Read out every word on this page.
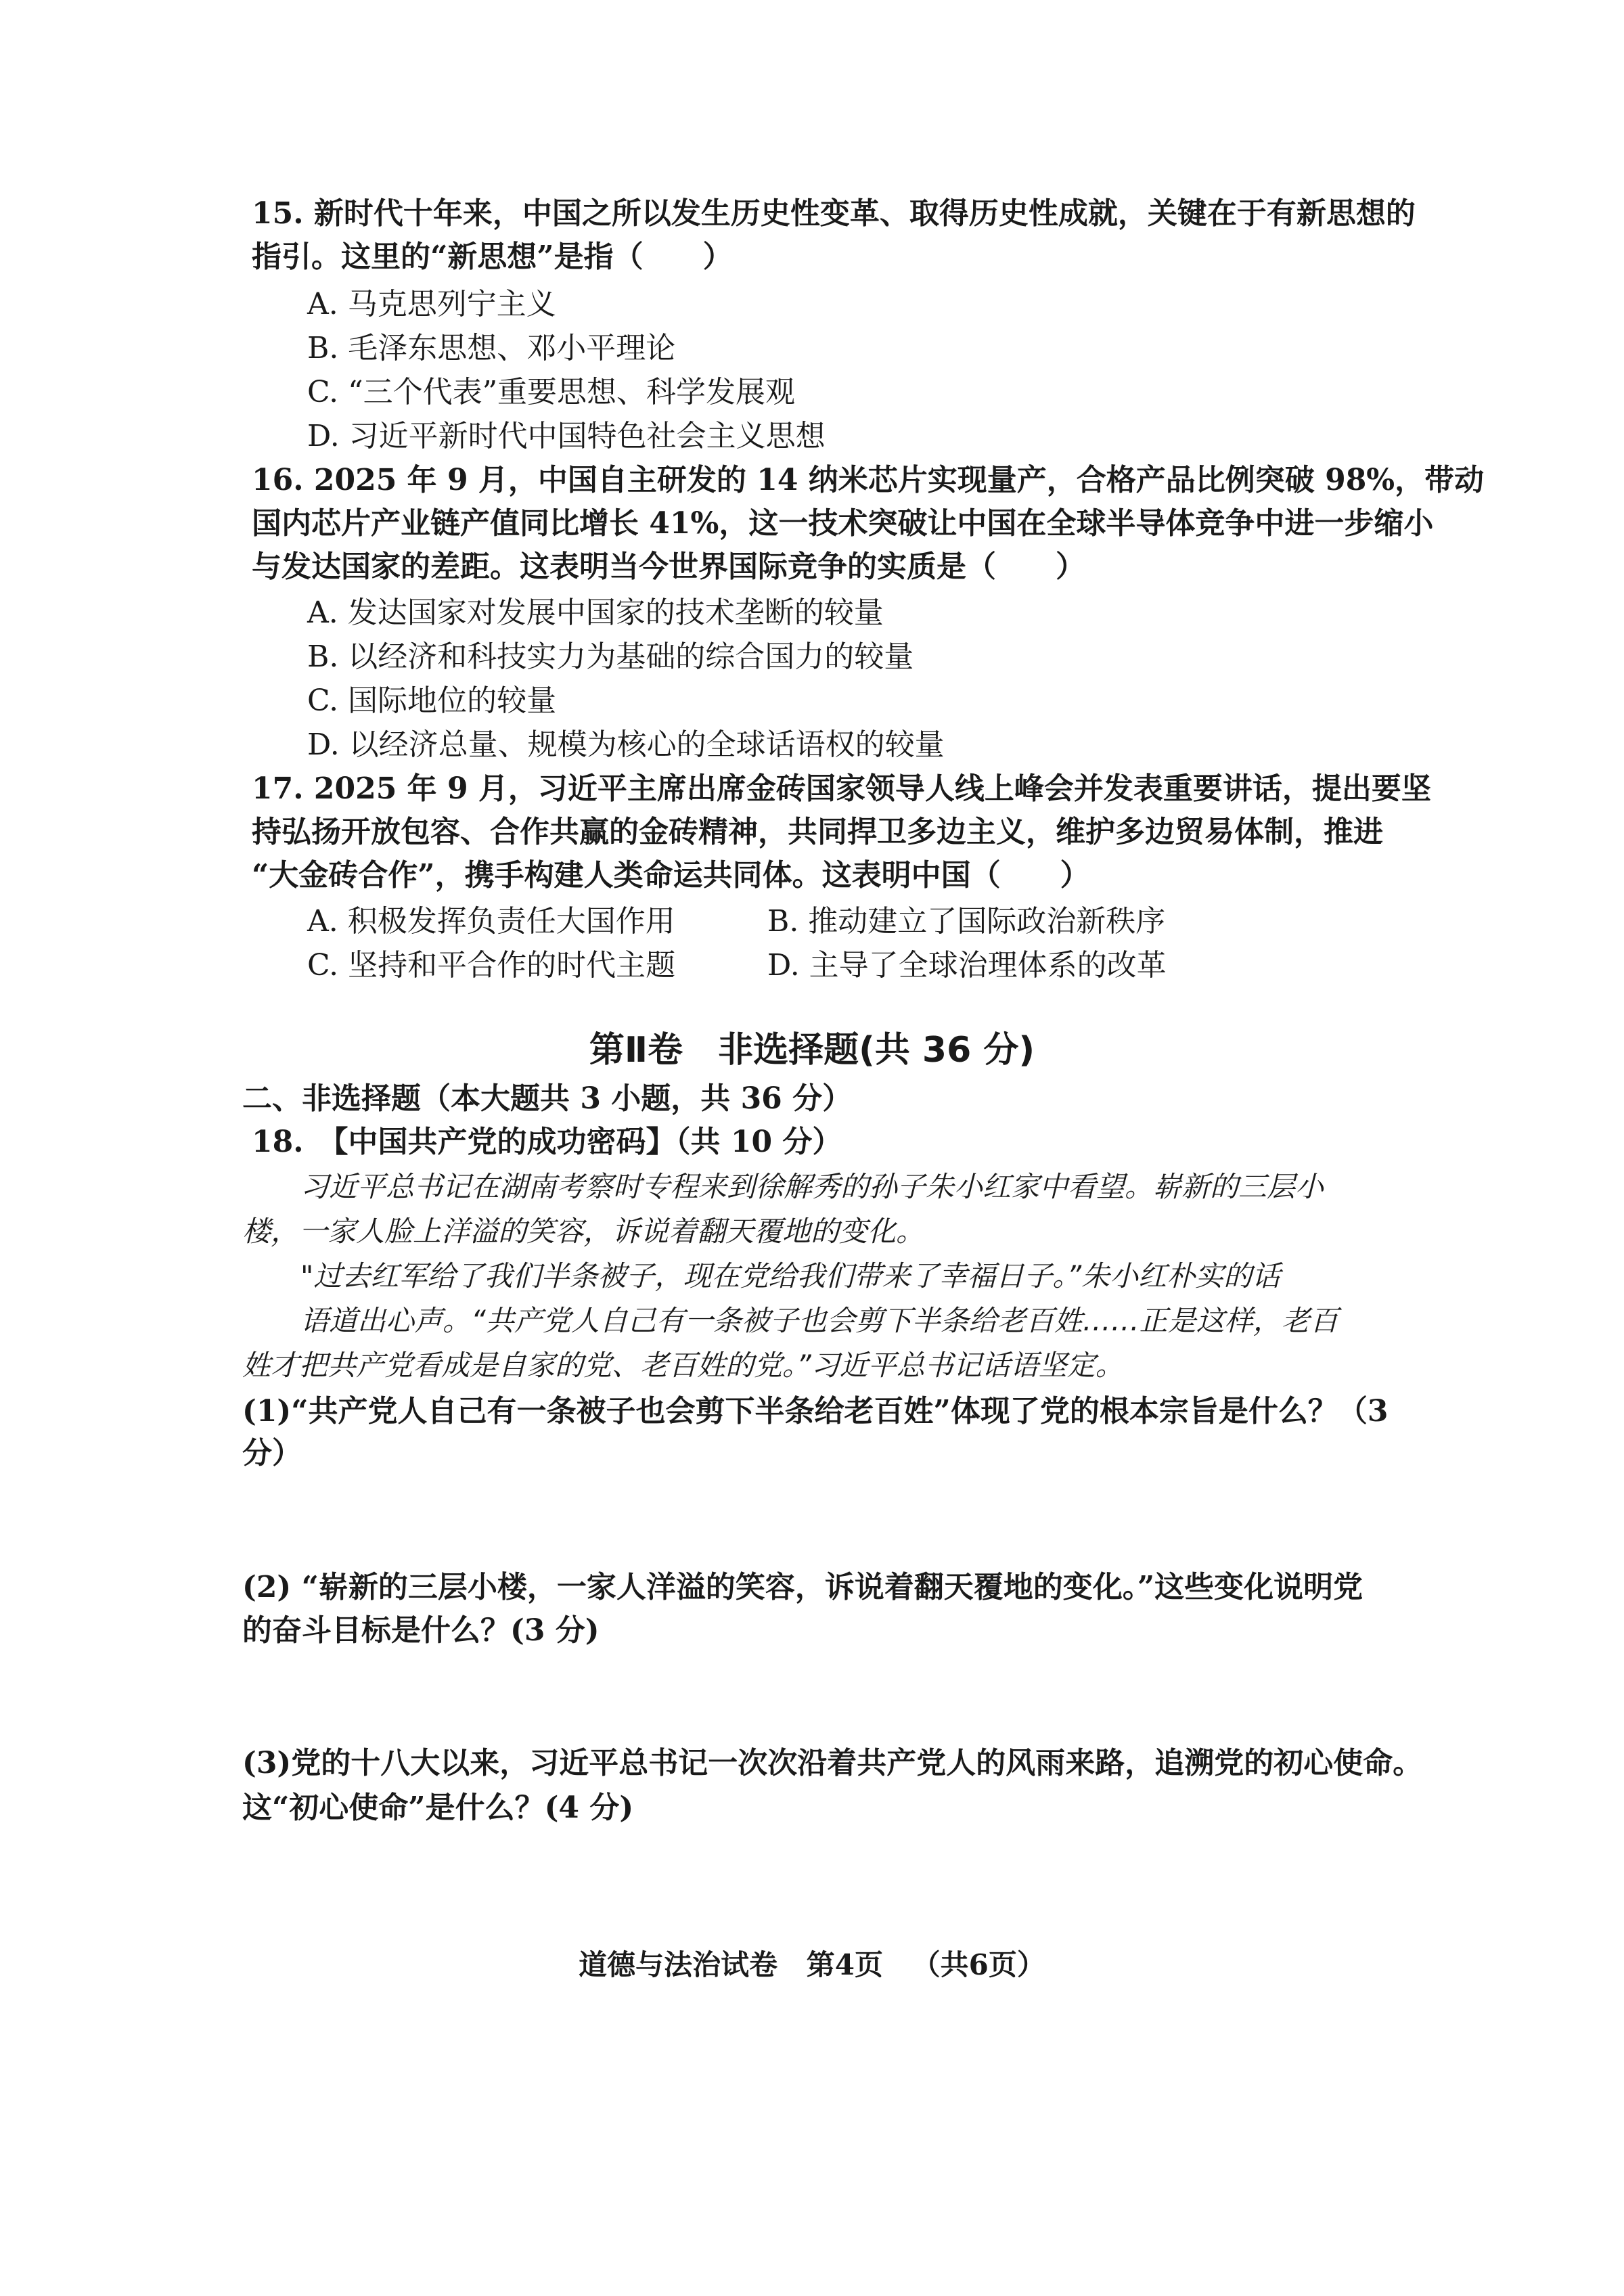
15. 新时代十年来，中国之所以发生历史性变革、取得历史性成就，关键在于有新思想的
指引。这里的“新思想”是指（　　）
A. 马克思列宁主义
B. 毛泽东思想、邓小平理论
C. “三个代表”重要思想、科学发展观
D. 习近平新时代中国特色社会主义思想
16. 2025 年 9 月，中国自主研发的 14 纳米芯片实现量产，合格产品比例突破 98%，带动
国内芯片产业链产值同比增长 41%，这一技术突破让中国在全球半导体竞争中进一步缩小
与发达国家的差距。这表明当今世界国际竞争的实质是（　　）
A. 发达国家对发展中国家的技术垄断的较量
B. 以经济和科技实力为基础的综合国力的较量
C. 国际地位的较量
D. 以经济总量、规模为核心的全球话语权的较量
17. 2025 年 9 月，习近平主席出席金砖国家领导人线上峰会并发表重要讲话，提出要坚
持弘扬开放包容、合作共赢的金砖精神，共同捍卫多边主义，维护多边贸易体制，推进
“大金砖合作”，携手构建人类命运共同体。这表明中国（　　）
A. 积极发挥负责任大国作用	B. 推动建立了国际政治新秩序
C. 坚持和平合作的时代主题	D. 主导了全球治理体系的改革
第Ⅱ卷　非选择题(共 36 分)
二、非选择题（本大题共 3 小题，共 36 分）
18.　【中国共产党的成功密码】（共 10 分）
习近平总书记在湖南考察时专程来到徐解秀的孙子朱小红家中看望。崭新的三层小
楼，一家人脸上洋溢的笑容，诉说着翻天覆地的变化。
"过去红军给了我们半条被子，现在党给我们带来了幸福日子。”朱小红朴实的话
语道出心声。“共产党人自己有一条被子也会剪下半条给老百姓……正是这样，老百
姓才把共产党看成是自家的党、老百姓的党。”习近平总书记话语坚定。
(1)“共产党人自己有一条被子也会剪下半条给老百姓”体现了党的根本宗旨是什么？（3
分）
(2) “崭新的三层小楼，一家人洋溢的笑容，诉说着翻天覆地的变化。”这些变化说明党
的奋斗目标是什么？(3 分)
(3)党的十八大以来，习近平总书记一次次沿着共产党人的风雨来路，追溯党的初心使命。
这“初心使命”是什么？(4 分)
道德与法治试卷 第4页 （共6页）
